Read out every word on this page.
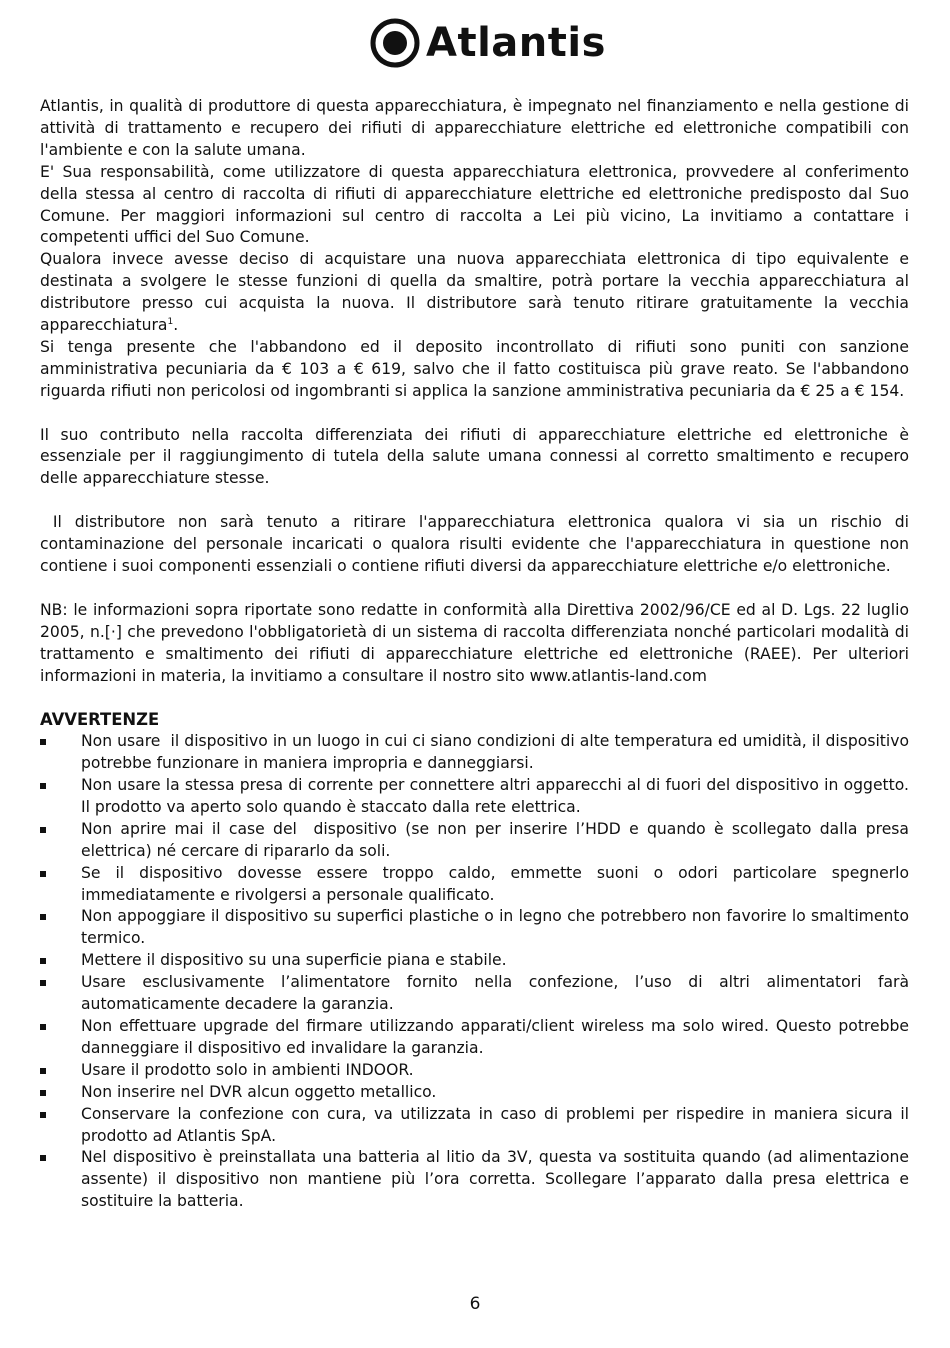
Atlantis

Atlantis, in qualità di produttore di questa apparecchiatura, è impegnato nel finanziamento e nella gestione di attività di trattamento e recupero dei rifiuti di apparecchiature elettriche ed elettroniche compatibili con l'ambiente e con la salute umana.

E' Sua responsabilità, come utilizzatore di questa apparecchiatura elettronica, provvedere al conferimento della stessa al centro di raccolta di rifiuti di apparecchiature elettriche ed elettroniche predisposto dal Suo Comune. Per maggiori informazioni sul centro di raccolta a Lei più vicino, La invitiamo a contattare i competenti uffici del Suo Comune.

Qualora invece avesse deciso di acquistare una nuova apparecchiata elettronica di tipo equivalente e destinata a svolgere le stesse funzioni di quella da smaltire, potrà portare la vecchia apparecchiatura al distributore presso cui acquista la nuova. Il distributore sarà tenuto ritirare gratuitamente la vecchia apparecchiatura$^1$.

Si tenga presente che l'abbandono ed il deposito incontrollato di rifiuti sono puniti con sanzione amministrativa pecuniaria da € 103 a € 619, salvo che il fatto costituisca più grave reato. Se l'abbandono riguarda rifiuti non pericolosi od ingombranti si applica la sanzione amministrativa pecuniaria da € 25 a € 154.

Il suo contributo nella raccolta differenziata dei rifiuti di apparecchiature elettriche ed elettroniche è essenziale per il raggiungimento di tutela della salute umana connessi al corretto smaltimento e recupero delle apparecchiature stesse.

Il distributore non sarà tenuto a ritirare l'apparecchiatura elettronica qualora vi sia un rischio di contaminazione del personale incaricati o qualora risulti evidente che l'apparecchiatura in questione non contiene i suoi componenti essenziali o contiene rifiuti diversi da apparecchiature elettriche e/o elettroniche.

NB: le informazioni sopra riportate sono redatte in conformità alla Direttiva 2002/96/CE ed al D. Lgs. 22 luglio 2005, n.[·] che prevedono l'obbligatorietà di un sistema di raccolta differenziata nonché particolari modalità di trattamento e smaltimento dei rifiuti di apparecchiature elettriche ed elettroniche (RAEE). Per ulteriori informazioni in materia, la invitiamo a consultare il nostro sito www.atlantis-land.com

AVVERTENZE

Non usare  il dispositivo in un luogo in cui ci siano condizioni di alte temperatura ed umidità, il dispositivo  potrebbe funzionare in maniera impropria e danneggiarsi.
Non usare la stessa presa di corrente per connettere altri apparecchi al di fuori del dispositivo in oggetto. Il prodotto va aperto solo quando è staccato dalla rete elettrica.
Non aprire mai il case del  dispositivo (se non per inserire l’HDD e quando è scollegato dalla presa elettrica) né cercare di ripararlo da soli.
Se il dispositivo dovesse essere troppo caldo, emmette suoni o odori particolare spegnerlo immediatamente e rivolgersi a personale qualificato.
Non appoggiare il dispositivo su superfici plastiche o in legno che potrebbero non favorire lo smaltimento termico.
Mettere il dispositivo su una superficie piana e stabile.
Usare esclusivamente l’alimentatore fornito nella confezione, l’uso di altri alimentatori farà automaticamente decadere la garanzia.
Non effettuare upgrade del firmare utilizzando apparati/client wireless ma solo wired. Questo potrebbe danneggiare il dispositivo ed invalidare la garanzia.
Usare il prodotto solo in ambienti INDOOR.
Non inserire nel DVR alcun oggetto metallico.
Conservare la confezione con cura, va utilizzata in caso di problemi per rispedire in maniera sicura il prodotto ad Atlantis SpA.
Nel dispositivo è preinstallata una batteria al litio da 3V, questa va sostituita quando (ad alimentazione assente) il dispositivo non mantiene più l’ora corretta. Scollegare l’apparato dalla presa elettrica e sostituire la batteria.
6
